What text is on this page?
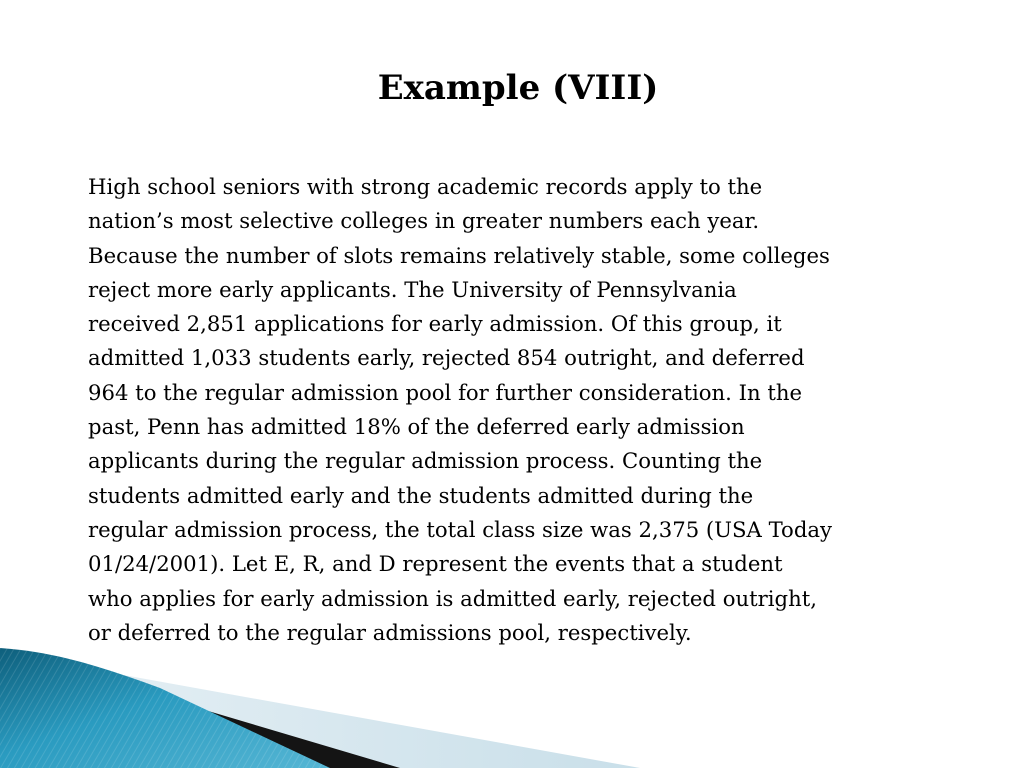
Example (VIII)
High school seniors with strong academic records apply to the
nation’s most selective colleges in greater numbers each year.
Because the number of slots remains relatively stable, some colleges
reject more early applicants. The University of Pennsylvania
received 2,851 applications for early admission. Of this group, it
admitted 1,033 students early, rejected 854 outright, and deferred
964 to the regular admission pool for further consideration. In the
past, Penn has admitted 18% of the deferred early admission
applicants during the regular admission process. Counting the
students admitted early and the students admitted during the
regular admission process, the total class size was 2,375 (USA Today
01/24/2001). Let E, R, and D represent the events that a student
who applies for early admission is admitted early, rejected outright,
or deferred to the regular admissions pool, respectively.
